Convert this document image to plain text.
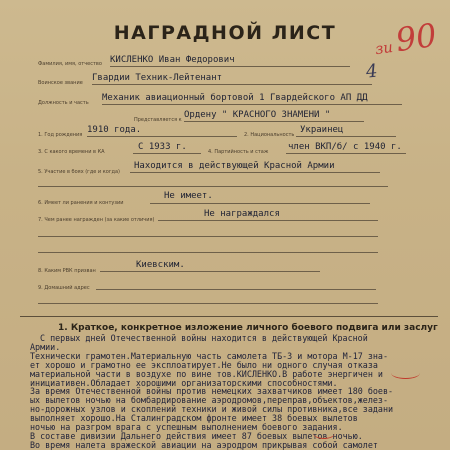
НАГРАДНОЙ ЛИСТ
зи90
4
Фамилия, имя, отчество КИСЛЕНКО Иван Федорович
Воинское звание Гвардии Техник-Лейтенант
Должность и часть Механик авиационный бортовой 1 Гвардейского АП ДД
Представляется к Ордену " КРАСНОГО ЗНАМЕНИ "
1. Год рождения 1910 года.	2. Национальность Украинец
3. С какого времени в КА	С 1933 г.	4. Партийность и стаж член ВКП/б/ с 1940 г.
5. Участие в боях (где и когда)
Находится в действующей Красной Армии
6. Имеет ли ранения и контузии
Не имеет.
7. Чем ранее награжден (за какие отличия)
Не награждался
8. Каким РВК призван
Киевским.
9. Домашний адрес
1. Краткое, конкретное изложение личного боевого подвига или заслуг
С первых дней Отечественной войны находится в действующей Красной
Армии.
Технически грамотен.Материальную часть самолета ТБ-3 и мотора М-17 зна-
ет хорошо и грамотно ее эксплоатирует.Не было ни одного случая отказа
материальной части в воздухе по вине тов.КИСЛЕНКО.В работе энергичен и
инициативен.Обладает хорошими организаторскими способностями.
За время Отечественной войны против немецких захватчиков имеет 180 боев-
ых вылетов ночью на бомбардирование аэродромов,переправ,объектов,желез-
но-дорожных узлов и скоплений техники и живой силы противника,все задани
выполняет хорошо.На Сталинградском фронте имеет 38 боевых вылетов
ночью на разгром врага с успешным выполнением боевого задания.
В составе дивизии Дальнего действия имеет 87 боевых вылетов ночью.
Во время налета вражеской авиации на аэродром прикрывая собой самолет
